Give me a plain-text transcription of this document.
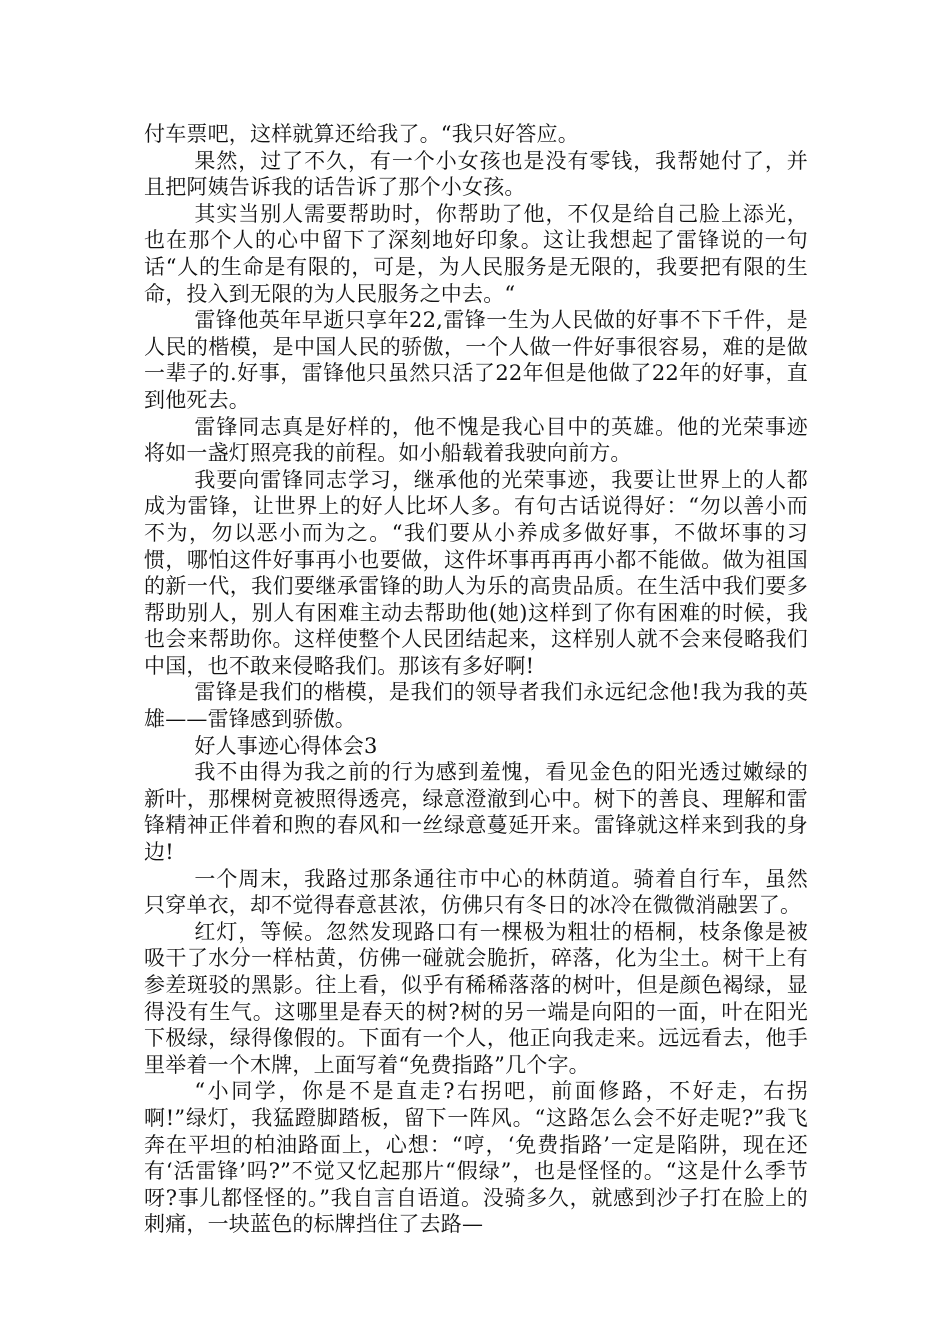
付车票吧，这样就算还给我了。“我只好答应。

果然，过了不久，有一个小女孩也是没有零钱，我帮她付了，并且把阿姨告诉我的话告诉了那个小女孩。

其实当别人需要帮助时，你帮助了他，不仅是给自己脸上添光，也在那个人的心中留下了深刻地好印象。这让我想起了雷锋说的一句话“人的生命是有限的，可是，为人民服务是无限的，我要把有限的生命，投入到无限的为人民服务之中去。“

雷锋他英年早逝只享年22,雷锋一生为人民做的好事不下千件，是人民的楷模，是中国人民的骄傲，一个人做一件好事很容易，难的是做一辈子的.好事，雷锋他只虽然只活了22年但是他做了22年的好事，直到他死去。

雷锋同志真是好样的，他不愧是我心目中的英雄。他的光荣事迹将如一盏灯照亮我的前程。如小船载着我驶向前方。

我要向雷锋同志学习，继承他的光荣事迹，我要让世界上的人都成为雷锋，让世界上的好人比坏人多。有句古话说得好：“勿以善小而不为，勿以恶小而为之。“我们要从小养成多做好事，不做坏事的习惯，哪怕这件好事再小也要做，这件坏事再再再小都不能做。做为祖国的新一代，我们要继承雷锋的助人为乐的高贵品质。在生活中我们要多帮助别人，别人有困难主动去帮助他(她)这样到了你有困难的时候，我也会来帮助你。这样使整个人民团结起来，这样别人就不会来侵略我们中国，也不敢来侵略我们。那该有多好啊!

雷锋是我们的楷模，是我们的领导者我们永远纪念他!我为我的英雄——雷锋感到骄傲。

好人事迹心得体会3

我不由得为我之前的行为感到羞愧，看见金色的阳光透过嫩绿的新叶，那棵树竟被照得透亮，绿意澄澈到心中。树下的善良、理解和雷锋精神正伴着和煦的春风和一丝绿意蔓延开来。雷锋就这样来到我的身边!

一个周末，我路过那条通往市中心的林荫道。骑着自行车，虽然只穿单衣，却不觉得春意甚浓，仿佛只有冬日的冰冷在微微消融罢了。

红灯，等候。忽然发现路口有一棵极为粗壮的梧桐，枝条像是被吸干了水分一样枯黄，仿佛一碰就会脆折，碎落，化为尘土。树干上有参差斑驳的黑影。往上看，似乎有稀稀落落的树叶，但是颜色褐绿，显得没有生气。这哪里是春天的树?树的另一端是向阳的一面，叶在阳光下极绿，绿得像假的。下面有一个人，他正向我走来。远远看去，他手里举着一个木牌，上面写着“免费指路”几个字。

“小同学，你是不是直走?右拐吧，前面修路，不好走，右拐啊!”绿灯，我猛蹬脚踏板，留下一阵风。“这路怎么会不好走呢?”我飞奔在平坦的柏油路面上，心想：“哼，‘免费指路’一定是陷阱，现在还有‘活雷锋’吗?”不觉又忆起那片“假绿”，也是怪怪的。“这是什么季节呀?事儿都怪怪的。”我自言自语道。没骑多久，就感到沙子打在脸上的刺痛，一块蓝色的标牌挡住了去路—
